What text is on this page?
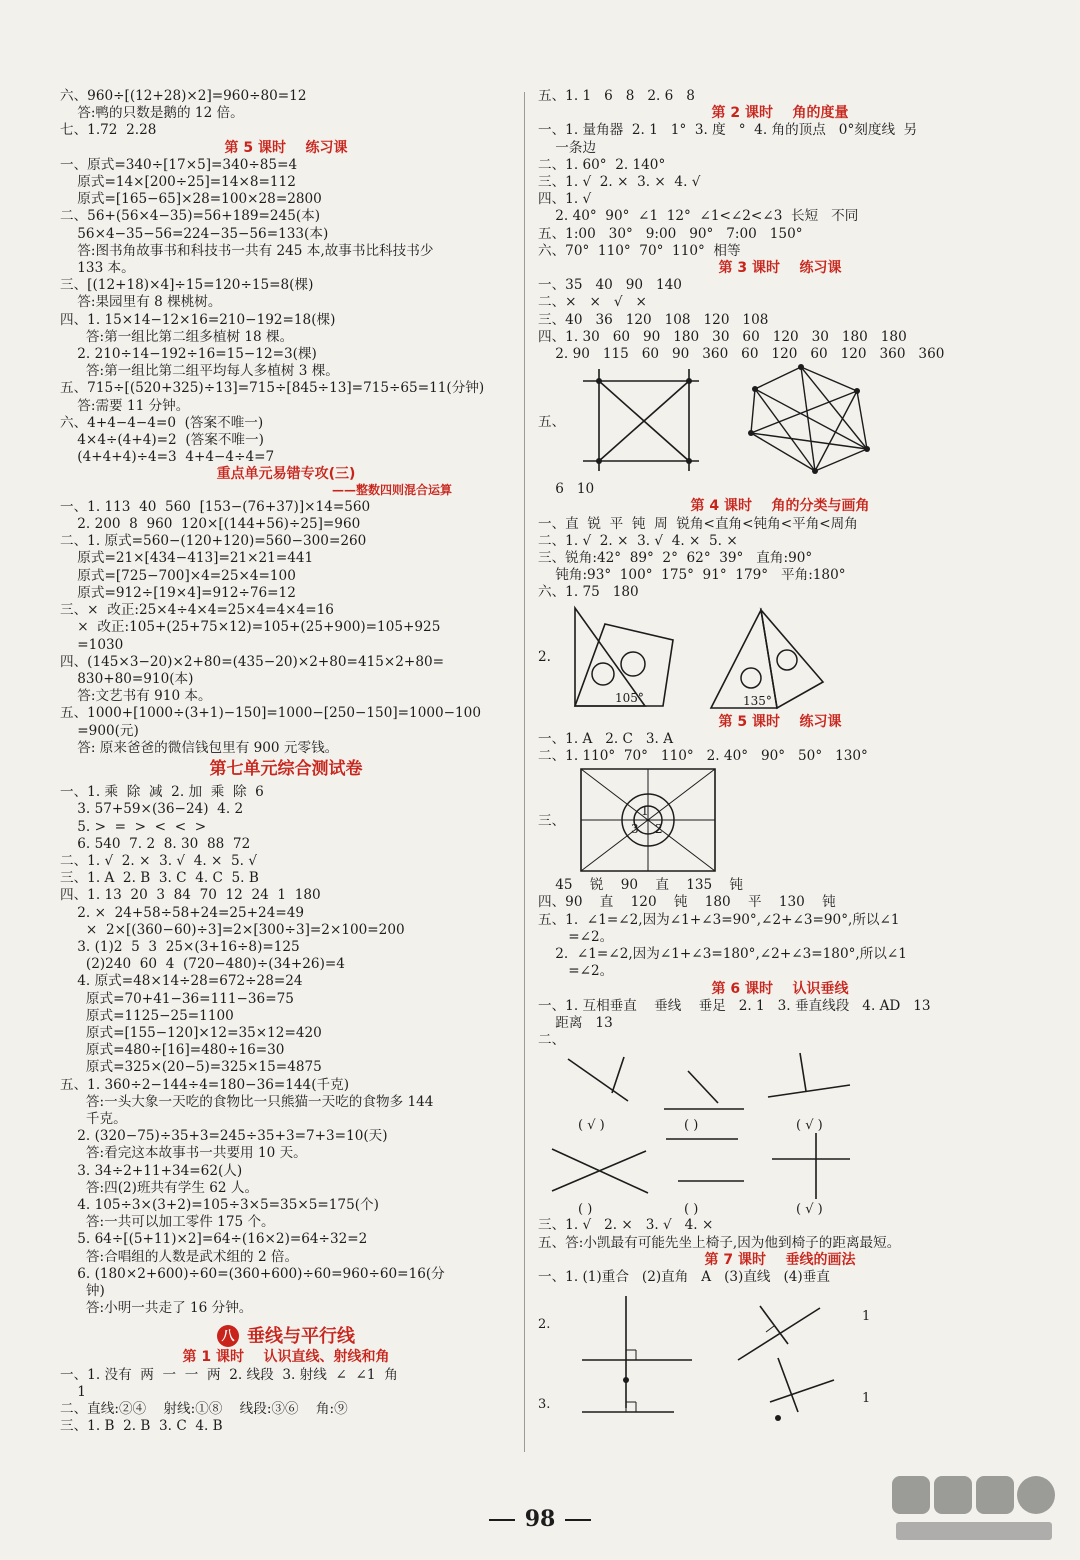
六、960÷[(12+28)×2]=960÷80=12
答:鸭的只数是鹅的 12 倍。
七、1.72  2.28
第 5 课时    练习课
一、原式=340÷[17×5]=340÷85=4
原式=14×[200÷25]=14×8=112
原式=[165−65]×28=100×28=2800
二、56+(56×4−35)=56+189=245(本)
56×4−35−56=224−35−56=133(本)
答:图书角故事书和科技书一共有 245 本,故事书比科技书少
133 本。
三、[(12+18)×4]÷15=120÷15=8(棵)
答:果园里有 8 棵桃树。
四、1. 15×14−12×16=210−192=18(棵)
答:第一组比第二组多植树 18 棵。
2. 210÷14−192÷16=15−12=3(棵)
答:第一组比第二组平均每人多植树 3 棵。
五、715÷[(520+325)÷13]=715÷[845÷13]=715÷65=11(分钟)
答:需要 11 分钟。
六、4+4−4−4=0  (答案不唯一)
4×4÷(4+4)=2  (答案不唯一)
(4+4+4)÷4=3  4+4−4÷4=7
重点单元易错专攻(三)
——整数四则混合运算
一、1. 113  40  560  [153−(76+37)]×14=560
2. 200  8  960  120×[(144+56)÷25]=960
二、1. 原式=560−(120+120)=560−300=260
原式=21×[434−413]=21×21=441
原式=[725−700]×4=25×4=100
原式=912÷[19×4]=912÷76=12
三、×  改正:25×4÷4×4=25×4=4×4=16
×  改正:105+(25+75×12)=105+(25+900)=105+925
=1030
四、(145×3−20)×2+80=(435−20)×2+80=415×2+80=
830+80=910(本)
答:文艺书有 910 本。
五、1000+[1000÷(3+1)−150]=1000−[250−150]=1000−100
=900(元)
答: 原来爸爸的微信钱包里有 900 元零钱。
第七单元综合测试卷
一、1. 乘  除  减  2. 加  乘  除  6
3. 57+59×(36−24)  4. 2
5. >  =  >  <  <  >
6. 540  7. 2  8. 30  88  72
二、1. √  2. ×  3. √  4. ×  5. √
三、1. A  2. B  3. C  4. C  5. B
四、1. 13  20  3  84  70  12  24  1  180
2. ×  24+58÷58+24=25+24=49
×  2×[(360−60)÷3]=2×[300÷3]=2×100=200
3. (1)2  5  3  25×(3+16÷8)=125
(2)240  60  4  (720−480)÷(34+26)=4
4. 原式=48×14÷28=672÷28=24
原式=70+41−36=111−36=75
原式=1125−25=1100
原式=[155−120]×12=35×12=420
原式=480÷[16]=480÷16=30
原式=325×(20−5)=325×15=4875
五、1. 360÷2−144÷4=180−36=144(千克)
答:一头大象一天吃的食物比一只熊猫一天吃的食物多 144
千克。
2. (320−75)÷35+3=245÷35+3=7+3=10(天)
答:看完这本故事书一共要用 10 天。
3. 34÷2+11+34=62(人)
答:四(2)班共有学生 62 人。
4. 105÷3×(3+2)=105÷3×5=35×5=175(个)
答:一共可以加工零件 175 个。
5. 64÷[(5+11)×2]=64÷(16×2)=64÷32=2
答:合唱组的人数是武术组的 2 倍。
6. (180×2+600)÷60=(360+600)÷60=960÷60=16(分
钟)
答:小明一共走了 16 分钟。
八 垂线与平行线
第 1 课时    认识直线、射线和角
一、1. 没有  两  一  一  两  2. 线段  3. 射线  ∠  ∠1  角
1
二、直线:②④    射线:①⑧    线段:③⑥    角:⑨
三、1. B  2. B  3. C  4. B
五、1. 1   6   8   2. 6   8
第 2 课时    角的度量
一、1. 量角器  2. 1   1°  3. 度   °  4. 角的顶点   0°刻度线  另
一条边
二、1. 60°  2. 140°
三、1. √  2. ×  3. ×  4. √
四、1. √
2. 40°  90°  ∠1  12°  ∠1<∠2<∠3  长短   不同
五、1:00   30°   9:00   90°   7:00   150°
六、70°  110°  70°  110°  相等
第 3 课时    练习课
一、35   40   90   140
二、×   ×   √   ×
三、40   36   120   108   120   108
四、1. 30   60   90   180   30   60   120   30   180   180
2. 90   115   60   90   360   60   120   60   120   360   360
五、
6   10
第 4 课时    角的分类与画角
一、直  锐  平  钝  周  锐角<直角<钝角<平角<周角
二、1. √  2. ×  3. √  4. ×  5. ×
三、锐角:42°  89°  2°  62°  39°   直角:90°
钝角:93°  100°  175°  91°  179°   平角:180°
六、1. 75   180
2.
105°	135°
第 5 课时    练习课
一、1. A   2. C   3. A
二、1. 110°  70°   110°   2. 40°   90°   50°   130°
三、
1
3 2
45    锐    90    直    135    钝
四、90    直    120    钝    180    平    130    钝
五、1.  ∠1=∠2,因为∠1+∠3=90°,∠2+∠3=90°,所以∠1
=∠2。
2.  ∠1=∠2,因为∠1+∠3=180°,∠2+∠3=180°,所以∠1
=∠2。
第 6 课时    认识垂线
一、1. 互相垂直    垂线    垂足   2. 1   3. 垂直线段   4. AD   13
距离   13
二、
( √ )	( )	( √ )
( )	( )	( √ )
三、1. √   2. ×   3. √   4. ×
五、答:小凯最有可能先坐上椅子,因为他到椅子的距离最短。
第 7 课时    垂线的画法
一、1. (1)重合   (2)直角   A   (3)直线   (4)垂直
2.
3.
1
1
98
